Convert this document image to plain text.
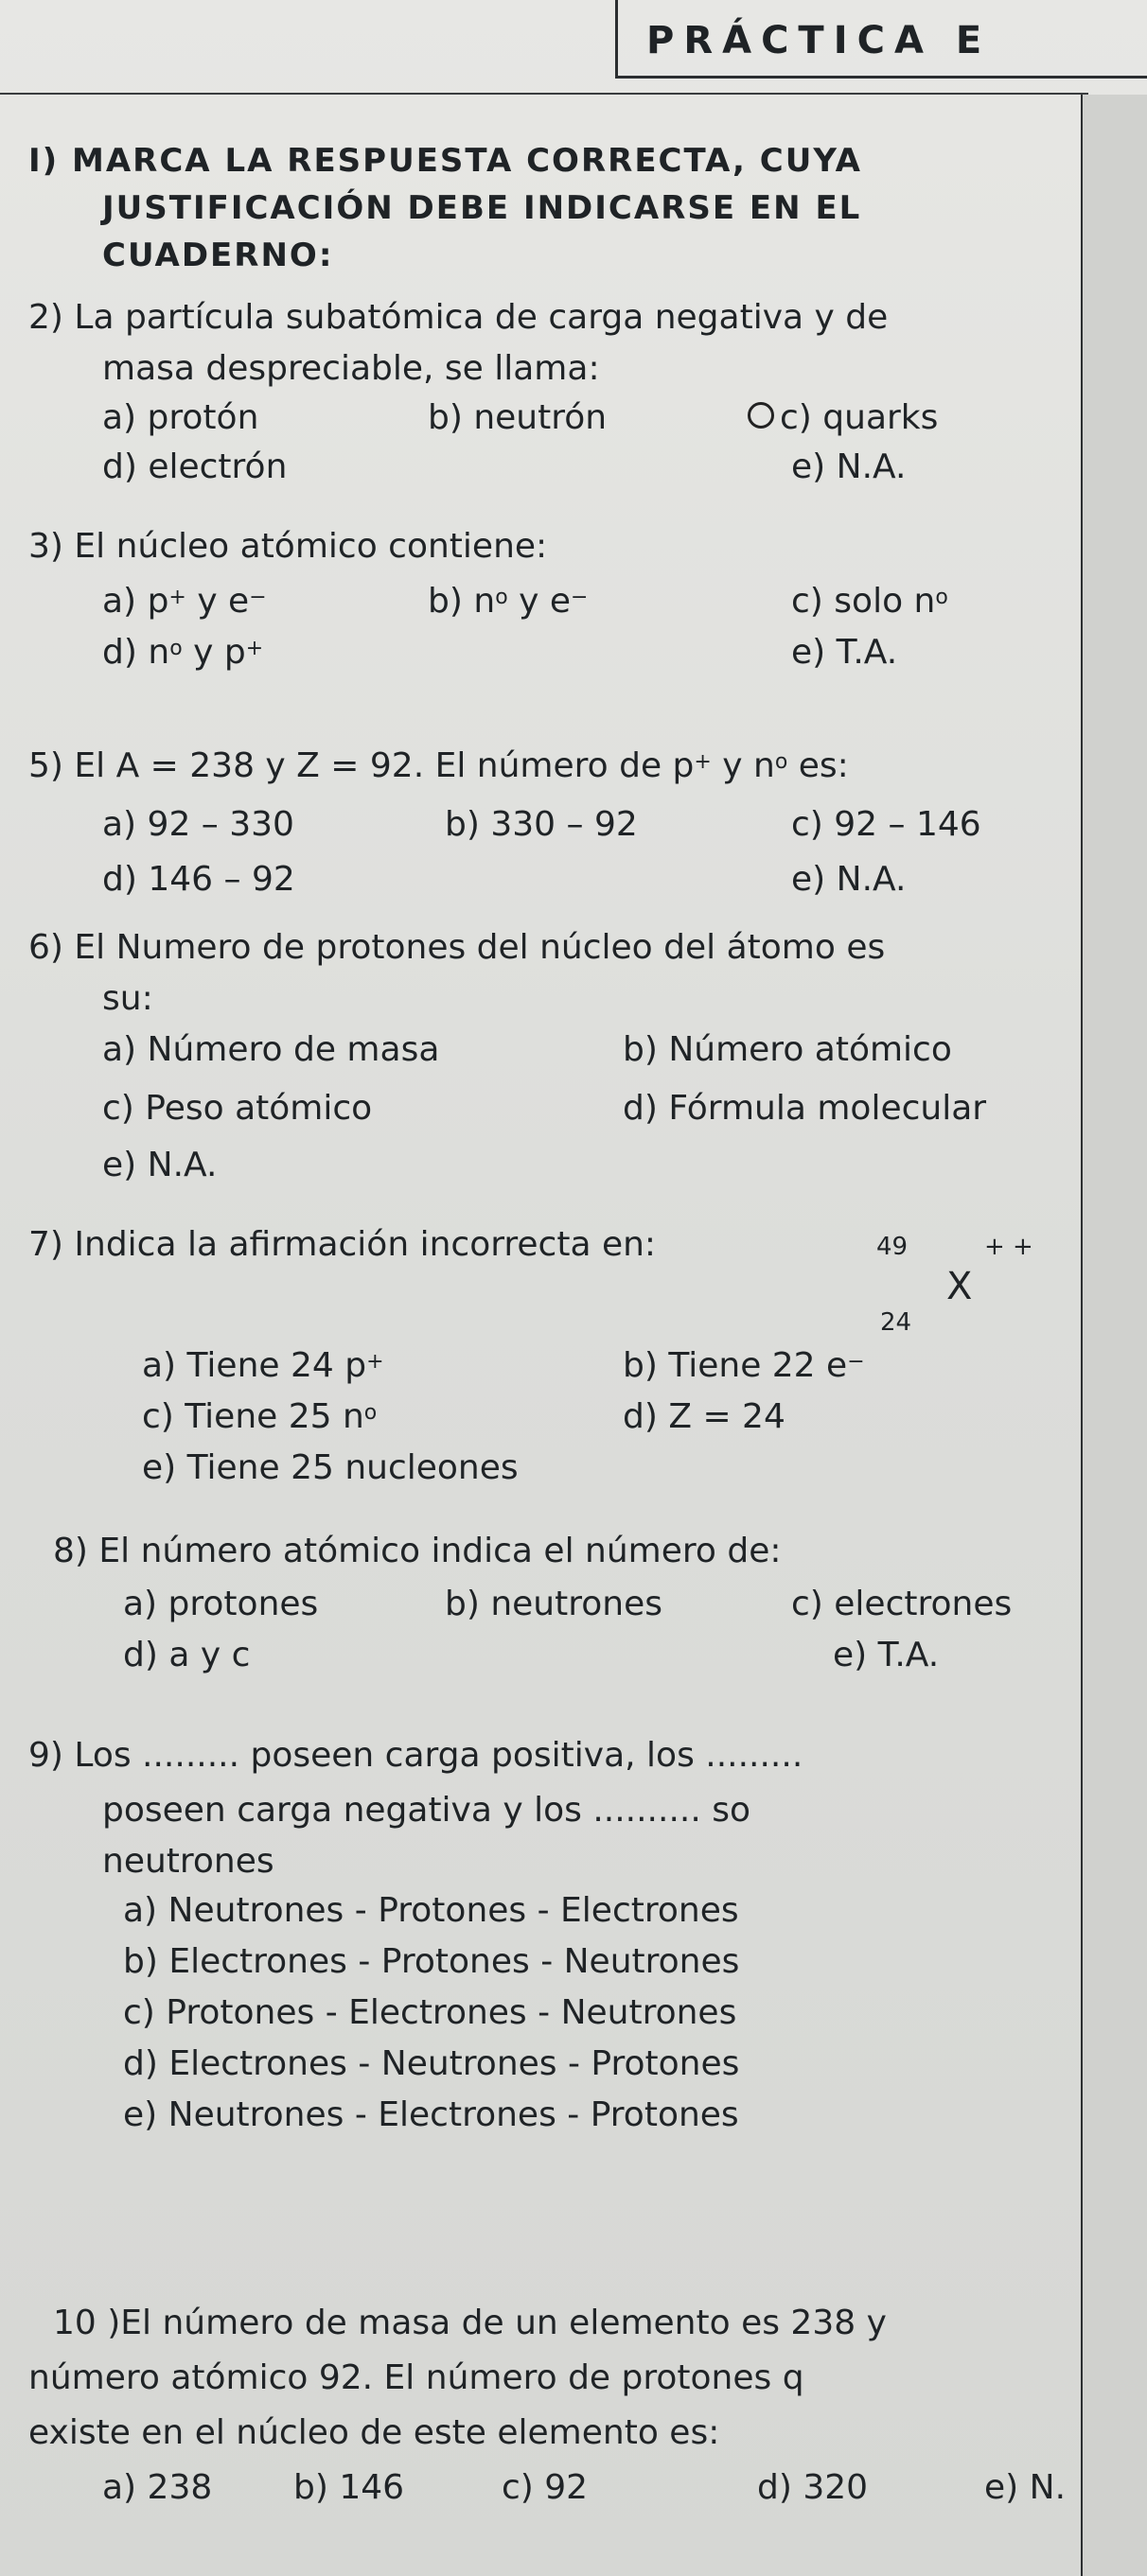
PRÁCTICA E
I) MARCA LA RESPUESTA CORRECTA, CUYA
JUSTIFICACIÓN DEBE INDICARSE EN EL
CUADERNO:
2) La partícula subatómica de carga negativa y de
masa despreciable, se llama:
a) protón	b) neutrón	c) quarks
d) electrón	e) N.A.
3) El núcleo atómico contiene:
a) p+ y e−	b) $n^o$ y e−	c) solo $n^o$
d) $n^o$ y p+	e) T.A.
5) El A = 238 y Z = 92. El número de p+ y $n^o$ es:
a) 92 – 330	b) 330 – 92	c) 92 – 146
d) 146 – 92	e) N.A.
6) El Numero de protones del núcleo del átomo es
su:
a) Número de masa	b) Número atómico
c) Peso atómico	d) Fórmula molecular
e) N.A.
7) Indica la afirmación incorrecta en:	49	+ +
X
24
a) Tiene 24 p+	b) Tiene 22 e−
c) Tiene 25 $n^o$	d) Z = 24
e) Tiene 25 nucleones
8) El número atómico indica el número de:
a) protones	b) neutrones	c) electrones
d) a y c	e) T.A.
9) Los ......... poseen carga positiva, los .........
poseen carga negativa y los .......... so
neutrones
a) Neutrones - Protones - Electrones
b) Electrones - Protones - Neutrones
c) Protones - Electrones - Neutrones
d) Electrones - Neutrones - Protones
e) Neutrones - Electrones - Protones
10 )El número de masa de un elemento es 238 y
número atómico 92. El número de protones q
existe en el núcleo de este elemento es:
a) 238 b) 146	c) 92	d) 320	e) N.
